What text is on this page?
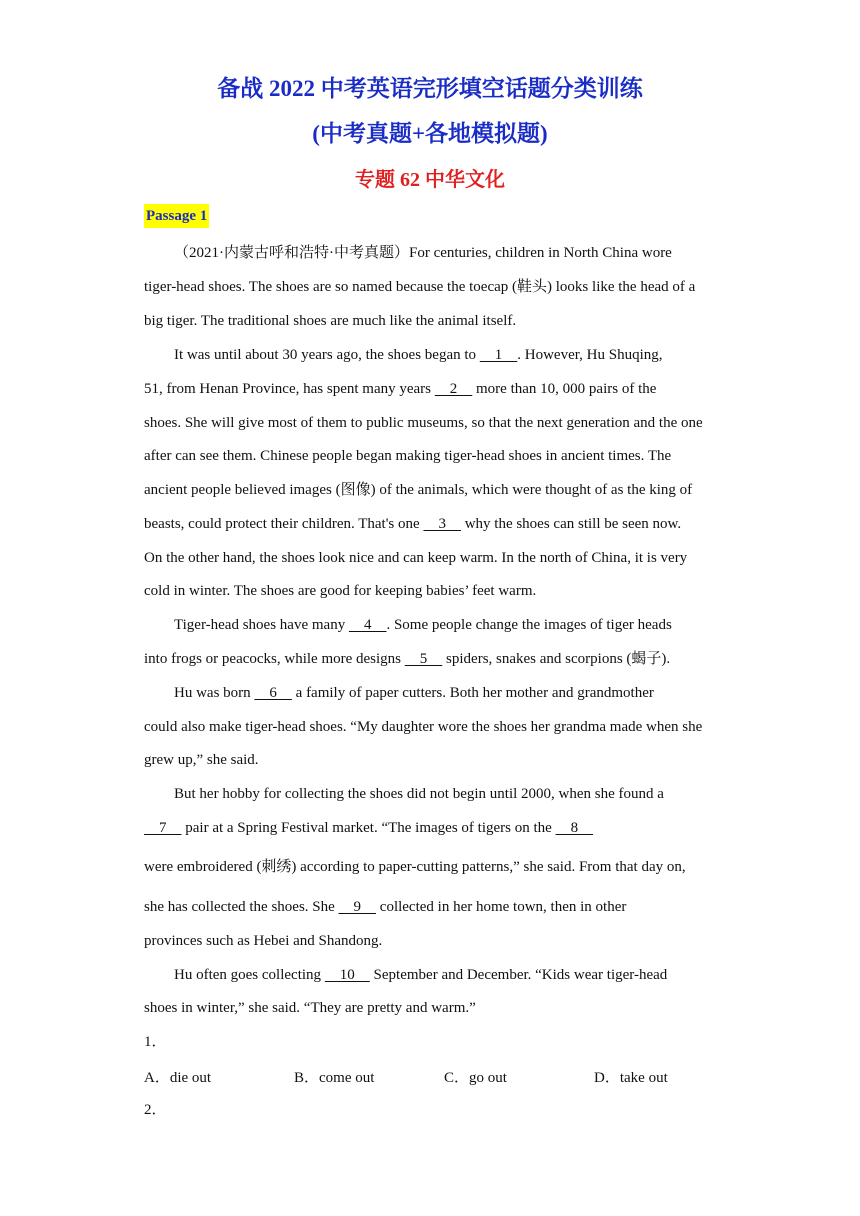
备战 2022 中考英语完形填空话题分类训练
(中考真题+各地模拟题)
专题 62 中华文化
Passage 1
（2021·内蒙古呼和浩特·中考真题）For centuries, children in North China wore
tiger-head shoes. The shoes are so named because the toecap (鞋头) looks like the head of a
big tiger. The traditional shoes are much like the animal itself.
It was until about 30 years ago, the shoes began to     1    . However, Hu Shuqing,
51, from Henan Province, has spent many years     2     more than 10, 000 pairs of the
shoes. She will give most of them to public museums, so that the next generation and the one
after can see them. Chinese people began making tiger-head shoes in ancient times. The
ancient people believed images (图像) of the animals, which were thought of as the king of
beasts, could protect their children. That's one     3     why the shoes can still be seen now.
On the other hand, the shoes look nice and can keep warm. In the north of China, it is very
cold in winter. The shoes are good for keeping babies’ feet warm.
Tiger-head shoes have many     4    . Some people change the images of tiger heads
into frogs or peacocks, while more designs     5     spiders, snakes and scorpions (蝎子).
Hu was born     6     a family of paper cutters. Both her mother and grandmother
could also make tiger-head shoes. “My daughter wore the shoes her grandma made when she
grew up,” she said.
But her hobby for collecting the shoes did not begin until 2000, when she found a
7     pair at a Spring Festival market. “The images of tigers on the     8
were embroidered (刺绣) according to paper-cutting patterns,” she said. From that day on,
she has collected the shoes. She     9     collected in her home town, then in other
provinces such as Hebei and Shandong.
Hu often goes collecting     10     September and December. “Kids wear tiger-head
shoes in winter,” she said. “They are pretty and warm.”
1．
A．die out	B．come out	C．go out	D．take out
2．
